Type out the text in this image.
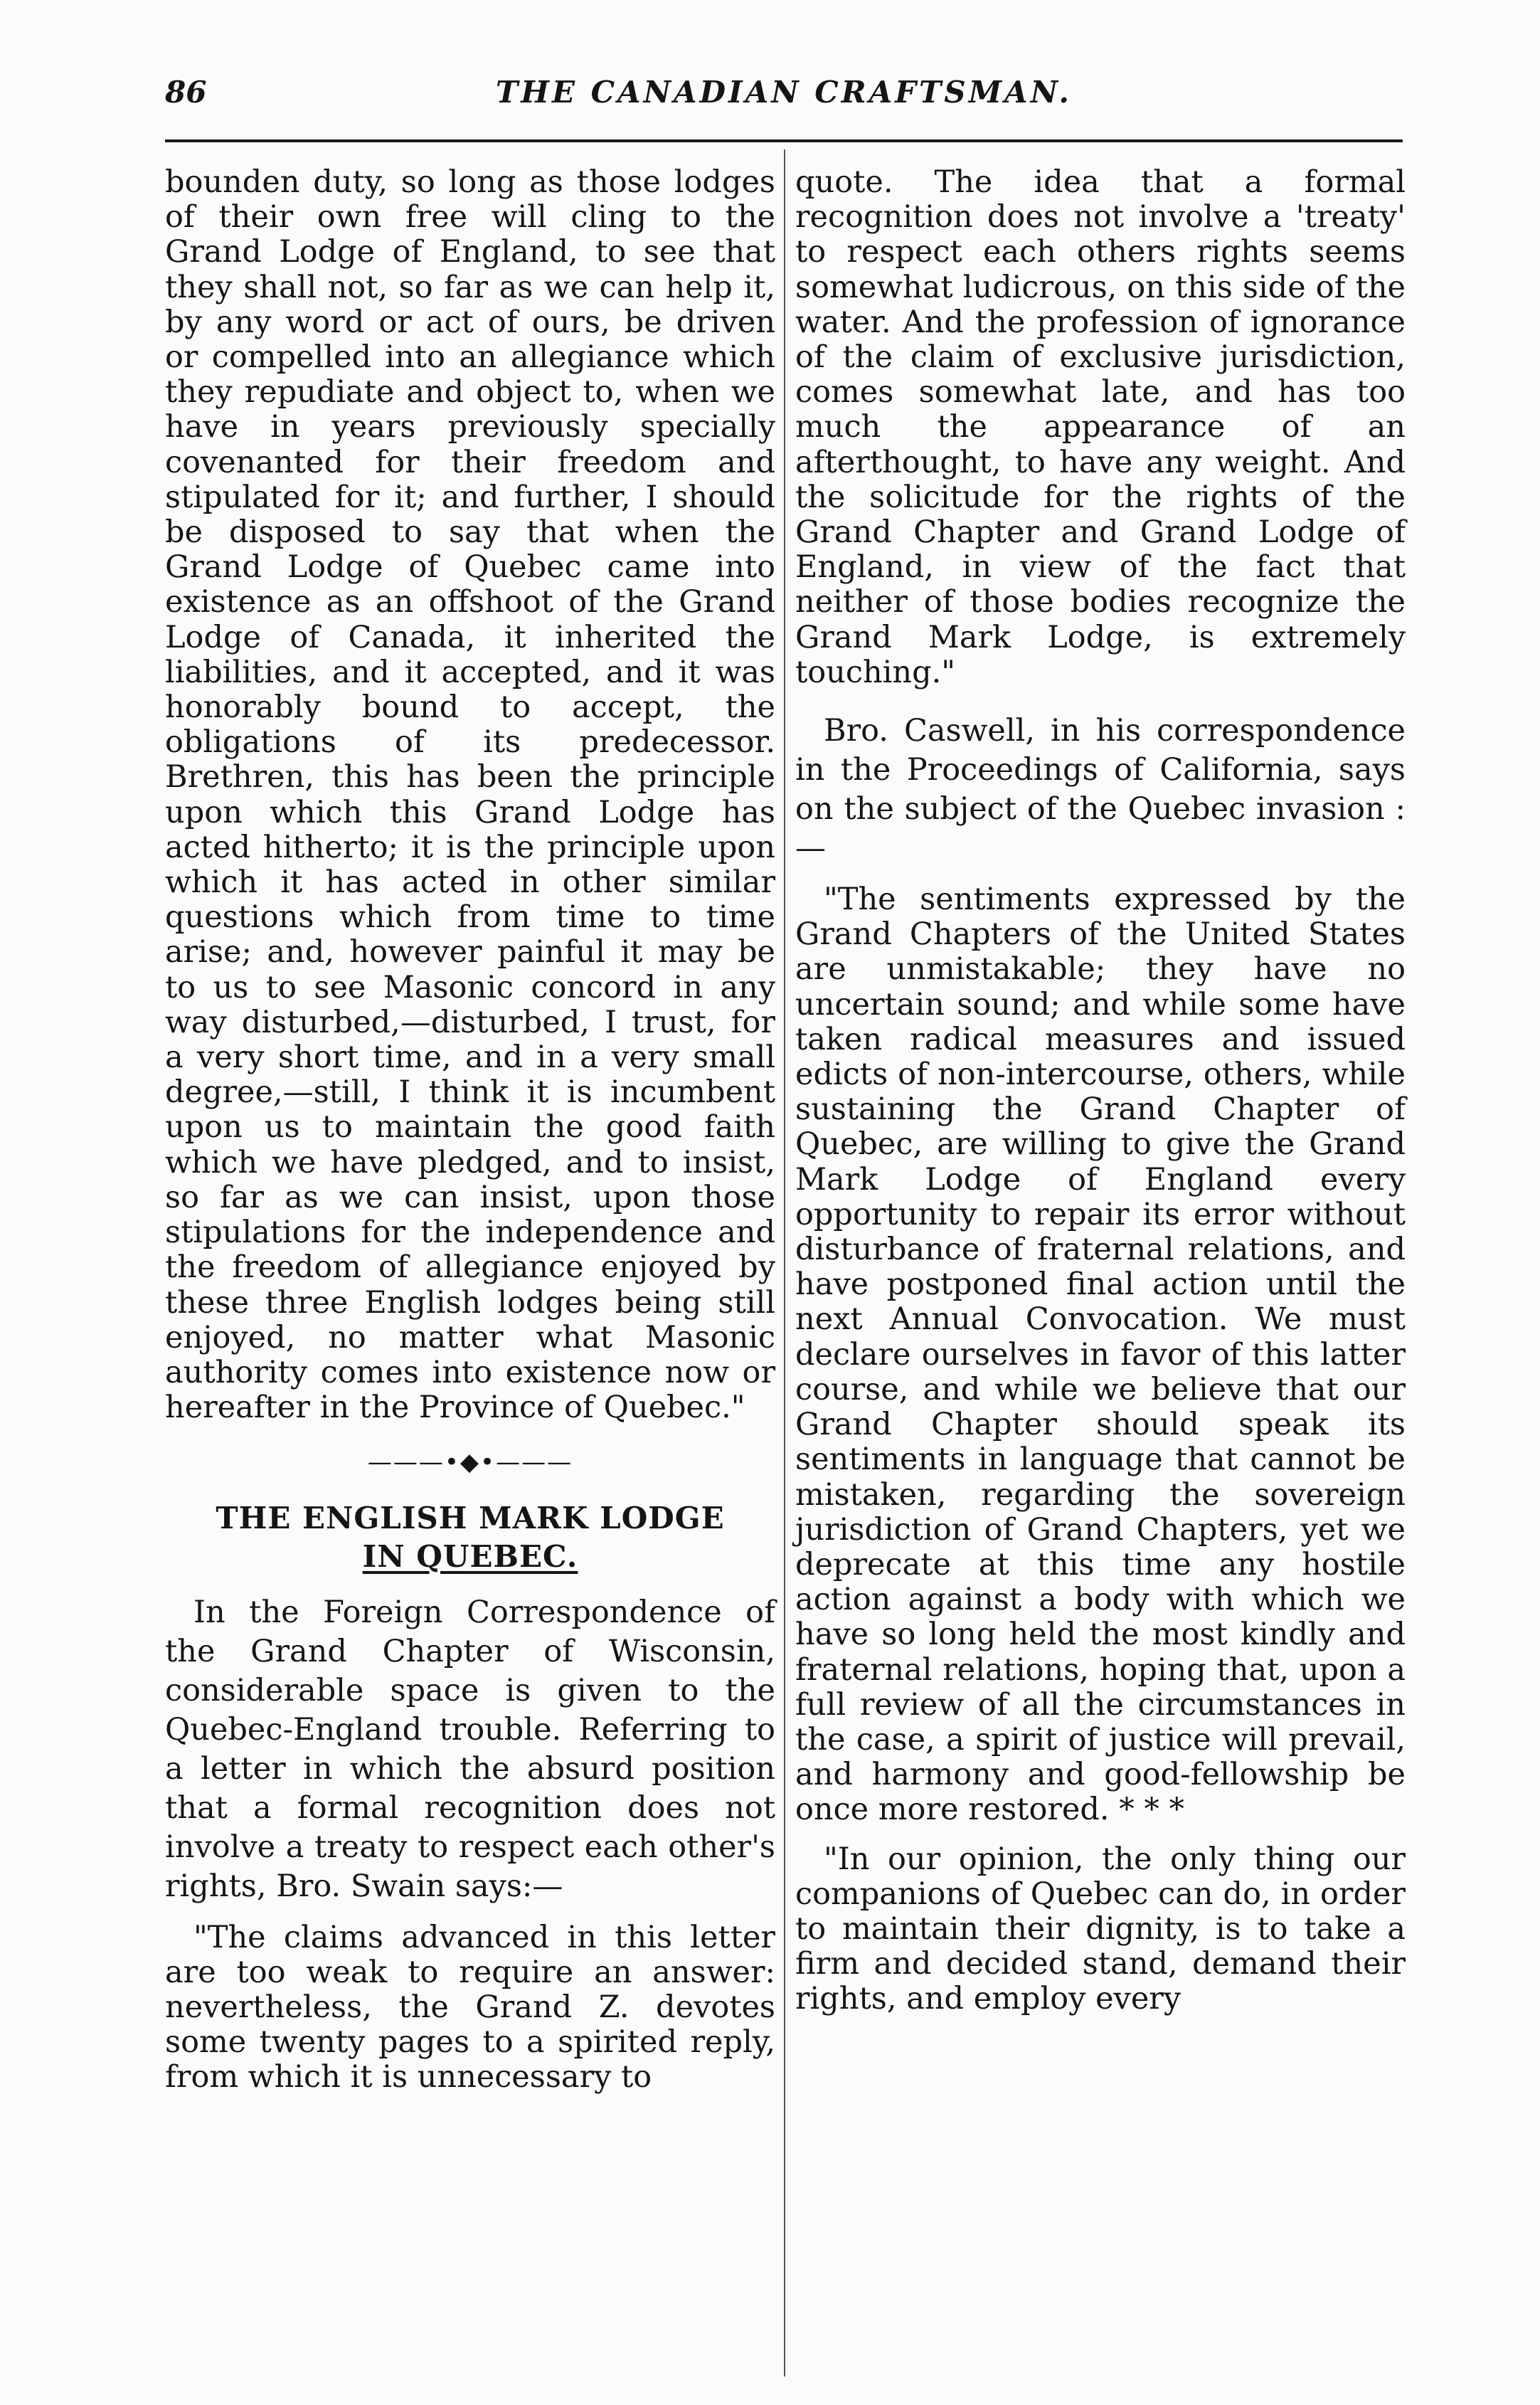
86	THE CANADIAN CRAFTSMAN.

bounden duty, so long as those lodges of their own free will cling to the Grand Lodge of England, to see that they shall not, so far as we can help it, by any word or act of ours, be driven or compelled into an allegiance which they repudiate and object to, when we have in years previously specially covenanted for their freedom and stipulated for it; and further, I should be disposed to say that when the Grand Lodge of Quebec came into existence as an offshoot of the Grand Lodge of Canada, it inherited the liabilities, and it accepted, and it was honorably bound to accept, the obligations of its predecessor. Brethren, this has been the principle upon which this Grand Lodge has acted hitherto; it is the principle upon which it has acted in other similar questions which from time to time arise; and, however painful it may be to us to see Masonic concord in any way disturbed,—disturbed, I trust, for a very short time, and in a very small degree,—still, I think it is incumbent upon us to maintain the good faith which we have pledged, and to insist, so far as we can insist, upon those stipulations for the independence and the freedom of allegiance enjoyed by these three English lodges being still enjoyed, no matter what Masonic authority comes into existence now or hereafter in the Province of Quebec."

———•◆•———
THE ENGLISH MARK LODGE
IN QUEBEC.

In the Foreign Correspondence of the Grand Chapter of Wisconsin, considerable space is given to the Quebec-England trouble. Referring to a letter in which the absurd position that a formal recognition does not involve a treaty to respect each other's rights, Bro. Swain says:—

"The claims advanced in this letter are too weak to require an answer: nevertheless, the Grand Z. devotes some twenty pages to a spirited reply, from which it is unnecessary to

quote. The idea that a formal recognition does not involve a 'treaty' to respect each others rights seems somewhat ludicrous, on this side of the water. And the profession of ignorance of the claim of exclusive jurisdiction, comes somewhat late, and has too much the appearance of an afterthought, to have any weight. And the solicitude for the rights of the Grand Chapter and Grand Lodge of England, in view of the fact that neither of those bodies recognize the Grand Mark Lodge, is extremely touching."

Bro. Caswell, in his correspondence in the Proceedings of California, says on the subject of the Quebec invasion :—

"The sentiments expressed by the Grand Chapters of the United States are unmistakable; they have no uncertain sound; and while some have taken radical measures and issued edicts of non-intercourse, others, while sustaining the Grand Chapter of Quebec, are willing to give the Grand Mark Lodge of England every opportunity to repair its error without disturbance of fraternal relations, and have postponed final action until the next Annual Convocation. We must declare ourselves in favor of this latter course, and while we believe that our Grand Chapter should speak its sentiments in language that cannot be mistaken, regarding the sovereign jurisdiction of Grand Chapters, yet we deprecate at this time any hostile action against a body with which we have so long held the most kindly and fraternal relations, hoping that, upon a full review of all the circumstances in the case, a spirit of justice will prevail, and harmony and good-fellowship be once more restored. * * *

"In our opinion, the only thing our companions of Quebec can do, in order to maintain their dignity, is to take a firm and decided stand, demand their rights, and employ every
